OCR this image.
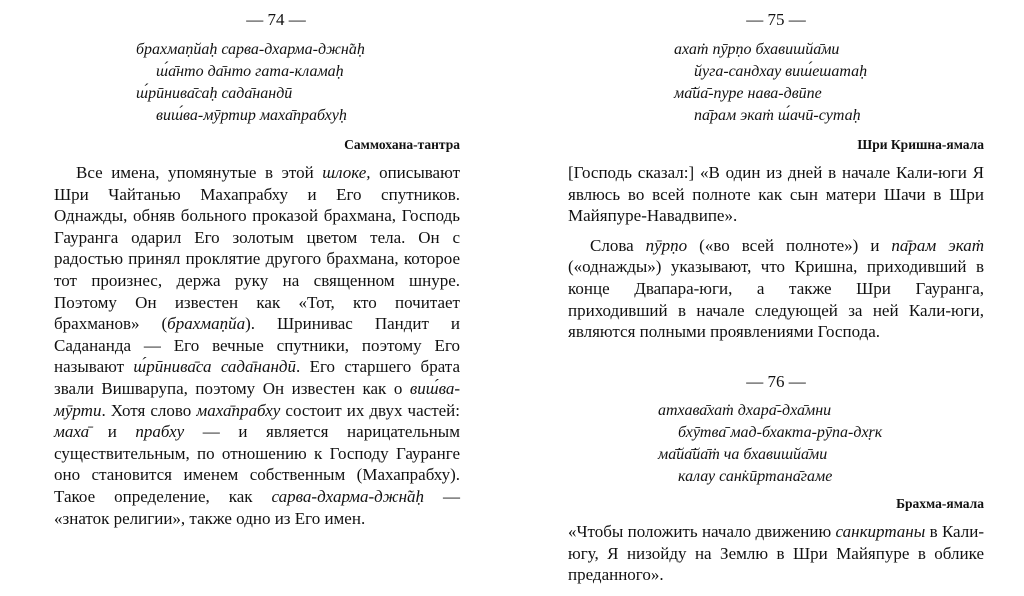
— 74 —
брахмаṇйаḥ сарва-дхарма-джн̃аḥ
ш́а̄нто да̄нто гата-кламаḥ
ш́рӣнива̄саḥ сада̄нандӣ
виш́ва-мӯртир маха̄прабхуḥ
Саммохана-тантра

Все имена, упомянутые в этой шлоке, описывают Шри Чайтанью Махапрабху и Его спутников. Однажды, обняв больного проказой брахмана, Господь Гауранга одарил Его золотым цветом тела. Он с радостью принял проклятие другого брахмана, которое тот произнес, держа руку на священном шнуре. Поэтому Он известен как «Тот, кто почитает брахманов» (брахмаṇйа). Шринивас Пандит и Садананда — Его вечные спутники, поэтому Его называют ш́рӣнива̄са сада̄нандӣ. Его старшего брата звали Вишварупа, поэтому Он известен как о виш́ва-мӯрти. Хотя слово маха̄прабху состоит их двух частей: маха̄ и прабху — и является нарицательным существительным, по отношению к Господу Гауранге оно становится именем собственным (Махапрабху). Такое определение, как сарва-дхарма-джн̃аḥ — «знаток религии», также одно из Его имен.

— 75 —
ахаṁ пӯрṇо бхавишйа̄ми
йуга-сандхау виш́ешатаḥ
ма̄йа̄-пуре нава-двӣпе
па̄рам экаṁ ш́ачӣ-сутаḥ
Шри Кришна-ямала

[Господь сказал:] «В один из дней в начале Кали-юги Я явлюсь во всей полноте как сын матери Шачи в Шри Майяпуре-Навадвипе».

Слова пӯрṇо («во всей полноте») и па̄рам экаṁ («однажды») указывают, что Кришна, приходивший в конце Двапара-юги, а также Шри Гауранга, приходивший в начале следующей за ней Кали-юги, являются полными проявлениями Господа.

— 76 —
атхава̄хаṁ дхара̄-дха̄мни
бхӯтва̄ мад-бхакта-рӯпа-дхṛк
ма̄йа̄йа̄ṁ ча бхавишйа̄ми
калау сан̇кӣртана̄гаме
Брахма-ямала

«Чтобы положить начало движению санкиртаны в Кали-югу, Я низойду на Землю в Шри Майяпуре в облике преданного».
